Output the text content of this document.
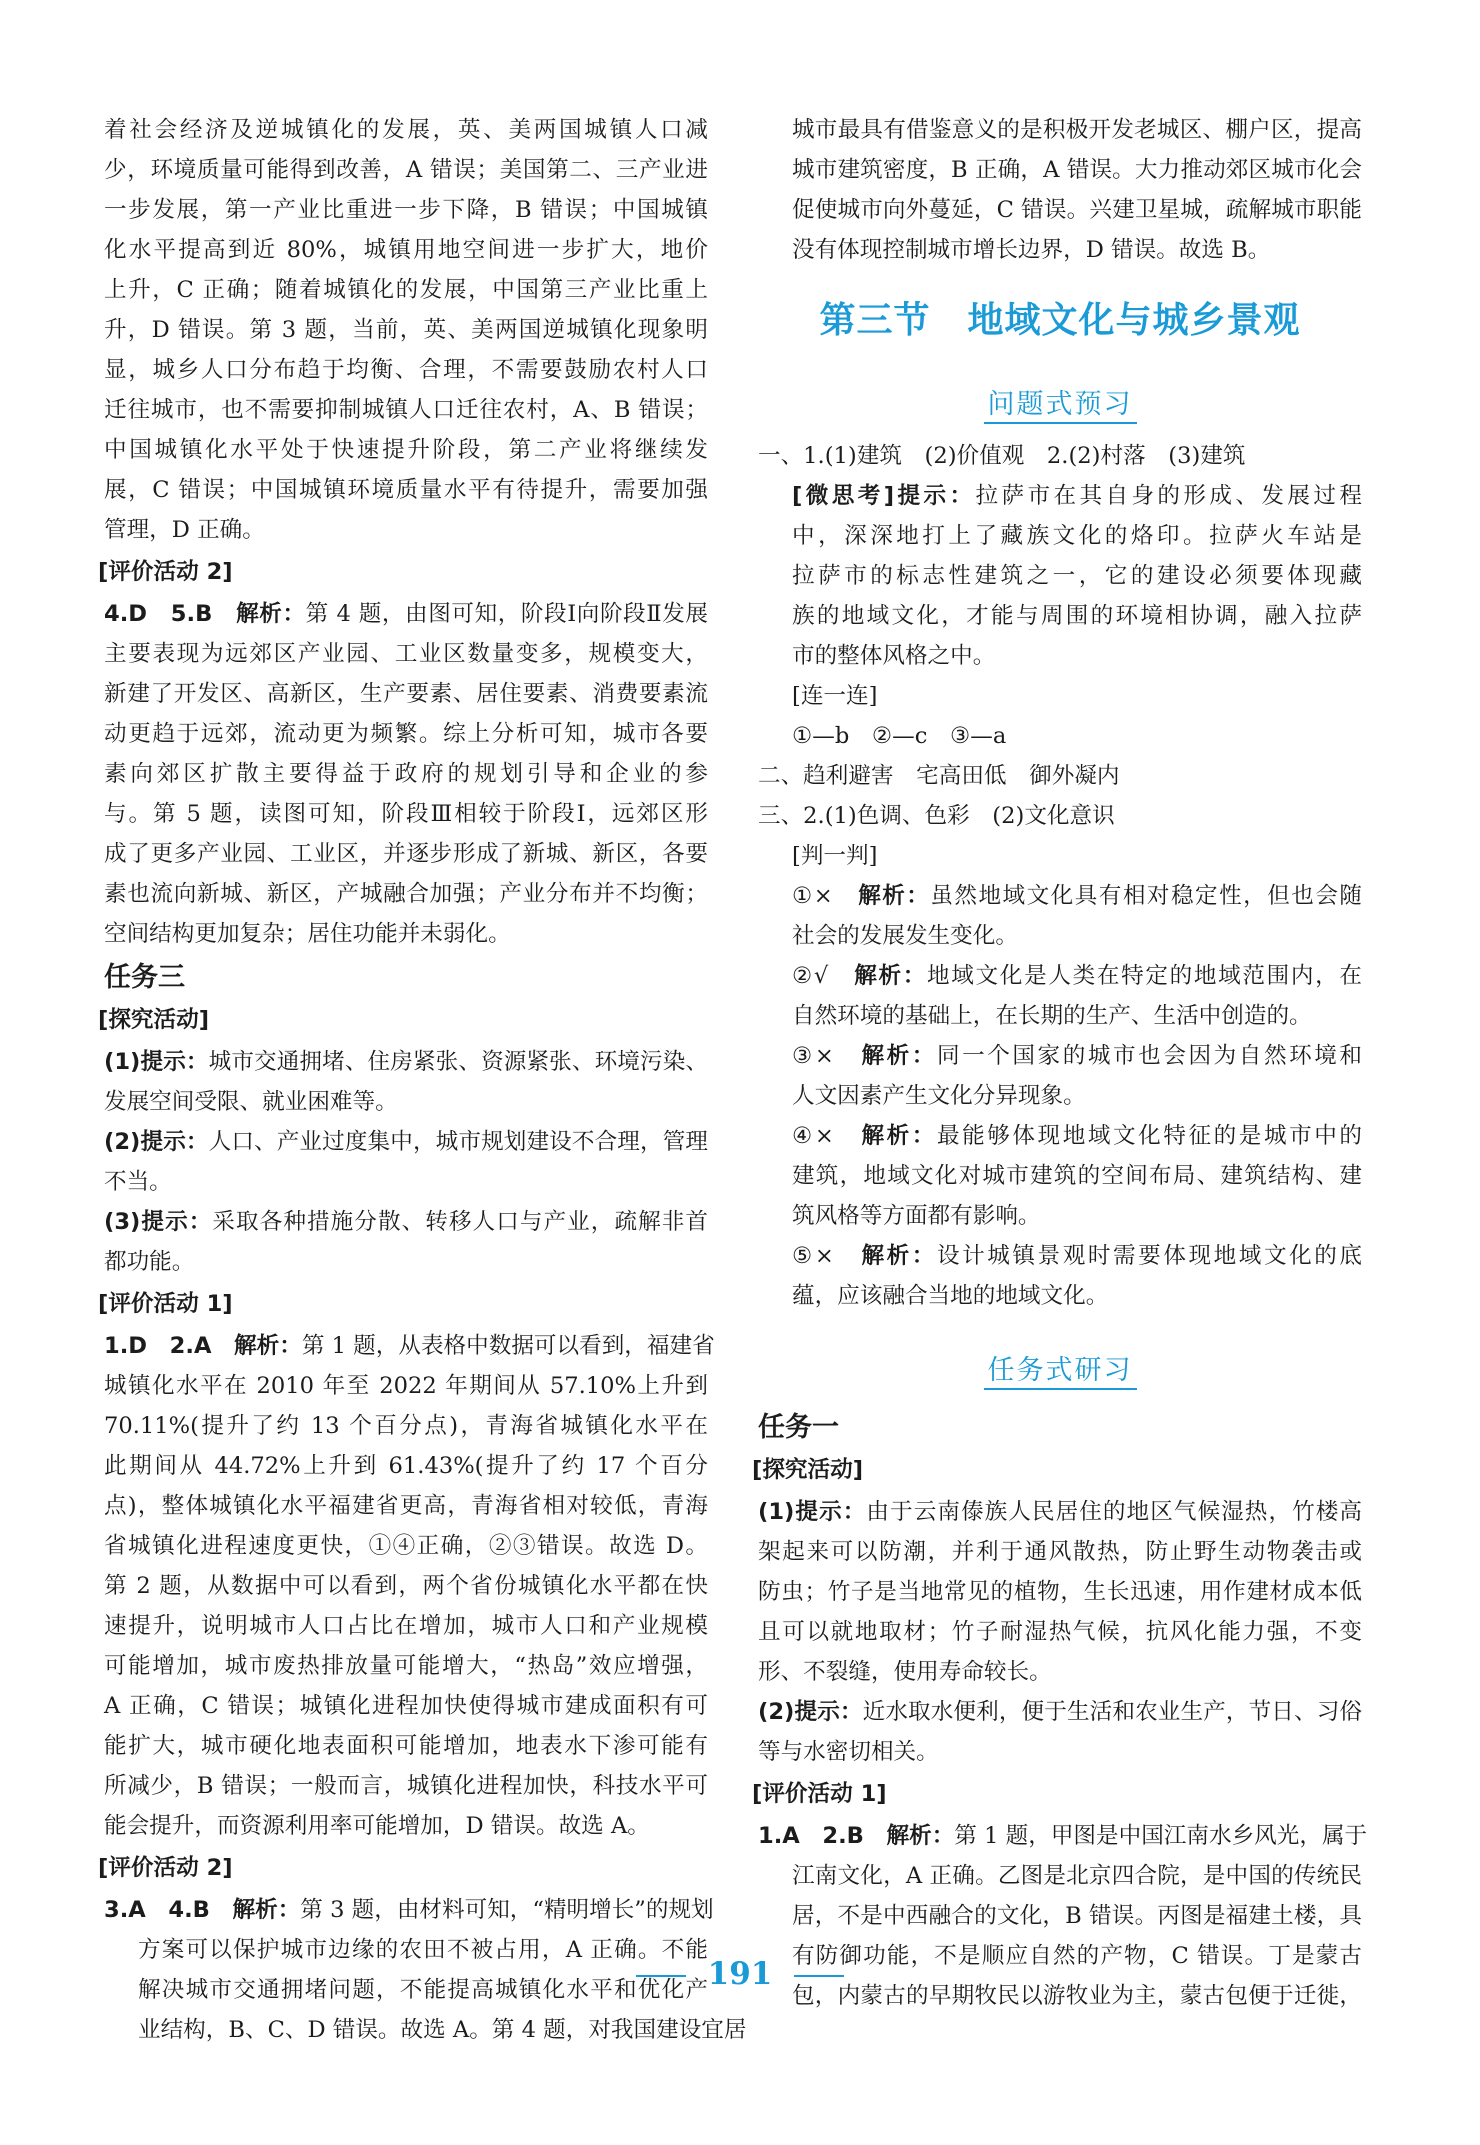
着社会经济及逆城镇化的发展，英、美两国城镇人口减
少，环境质量可能得到改善，A 错误；美国第二、三产业进
一步发展，第一产业比重进一步下降，B 错误；中国城镇
化水平提高到近 80%，城镇用地空间进一步扩大，地价
上升，C 正确；随着城镇化的发展，中国第三产业比重上
升，D 错误。第 3 题，当前，英、美两国逆城镇化现象明
显，城乡人口分布趋于均衡、合理，不需要鼓励农村人口
迁往城市，也不需要抑制城镇人口迁往农村，A、B 错误；
中国城镇化水平处于快速提升阶段，第二产业将继续发
展，C 错误；中国城镇环境质量水平有待提升，需要加强
管理，D 正确。
[评价活动 2]
4.D　5.B　解析：第 4 题，由图可知，阶段Ⅰ向阶段Ⅱ发展
主要表现为远郊区产业园、工业区数量变多，规模变大，
新建了开发区、高新区，生产要素、居住要素、消费要素流
动更趋于远郊，流动更为频繁。综上分析可知，城市各要
素向郊区扩散主要得益于政府的规划引导和企业的参
与。第 5 题，读图可知，阶段Ⅲ相较于阶段Ⅰ，远郊区形
成了更多产业园、工业区，并逐步形成了新城、新区，各要
素也流向新城、新区，产城融合加强；产业分布并不均衡；
空间结构更加复杂；居住功能并未弱化。
任务三
[探究活动]
(1)提示：城市交通拥堵、住房紧张、资源紧张、环境污染、
发展空间受限、就业困难等。
(2)提示：人口、产业过度集中，城市规划建设不合理，管理
不当。
(3)提示：采取各种措施分散、转移人口与产业，疏解非首
都功能。
[评价活动 1]
1.D　2.A　解析：第 1 题，从表格中数据可以看到，福建省
城镇化水平在 2010 年至 2022 年期间从 57.10%上升到
70.11%(提升了约 13 个百分点)，青海省城镇化水平在
此期间从 44.72%上升到 61.43%(提升了约 17 个百分
点)，整体城镇化水平福建省更高，青海省相对较低，青海
省城镇化进程速度更快，①④正确，②③错误。故选 D。
第 2 题，从数据中可以看到，两个省份城镇化水平都在快
速提升，说明城市人口占比在增加，城市人口和产业规模
可能增加，城市废热排放量可能增大，“热岛”效应增强，
A 正确，C 错误；城镇化进程加快使得城市建成面积有可
能扩大，城市硬化地表面积可能增加，地表水下渗可能有
所减少，B 错误；一般而言，城镇化进程加快，科技水平可
能会提升，而资源利用率可能增加，D 错误。故选 A。
[评价活动 2]
3.A　4.B　解析：第 3 题，由材料可知，“精明增长”的规划
方案可以保护城市边缘的农田不被占用，A 正确。不能
解决城市交通拥堵问题，不能提高城镇化水平和优化产
业结构，B、C、D 错误。故选 A。第 4 题，对我国建设宜居
城市最具有借鉴意义的是积极开发老城区、棚户区，提高
城市建筑密度，B 正确，A 错误。大力推动郊区城市化会
促使城市向外蔓延，C 错误。兴建卫星城，疏解城市职能
没有体现控制城市增长边界，D 错误。故选 B。
第三节　地域文化与城乡景观
问题式预习
一、1.(1)建筑　(2)价值观　2.(2)村落　(3)建筑
[微思考]提示：拉萨市在其自身的形成、发展过程
中，深深地打上了藏族文化的烙印。拉萨火车站是
拉萨市的标志性建筑之一，它的建设必须要体现藏
族的地域文化，才能与周围的环境相协调，融入拉萨
市的整体风格之中。
[连一连]
①—b　②—c　③—a
二、趋利避害　宅高田低　御外凝内
三、2.(1)色调、色彩　(2)文化意识
[判一判]
①×　解析：虽然地域文化具有相对稳定性，但也会随
社会的发展发生变化。
②√　解析：地域文化是人类在特定的地域范围内，在
自然环境的基础上，在长期的生产、生活中创造的。
③×　解析：同一个国家的城市也会因为自然环境和
人文因素产生文化分异现象。
④×　解析：最能够体现地域文化特征的是城市中的
建筑，地域文化对城市建筑的空间布局、建筑结构、建
筑风格等方面都有影响。
⑤×　解析：设计城镇景观时需要体现地域文化的底
蕴，应该融合当地的地域文化。
任务式研习
任务一
[探究活动]
(1)提示：由于云南傣族人民居住的地区气候湿热，竹楼高
架起来可以防潮，并利于通风散热，防止野生动物袭击或
防虫；竹子是当地常见的植物，生长迅速，用作建材成本低
且可以就地取材；竹子耐湿热气候，抗风化能力强，不变
形、不裂缝，使用寿命较长。
(2)提示：近水取水便利，便于生活和农业生产，节日、习俗
等与水密切相关。
[评价活动 1]
1.A　2.B　解析：第 1 题，甲图是中国江南水乡风光，属于
江南文化，A 正确。乙图是北京四合院，是中国的传统民
居，不是中西融合的文化，B 错误。丙图是福建土楼，具
有防御功能，不是顺应自然的产物，C 错误。丁是蒙古
包，内蒙古的早期牧民以游牧业为主，蒙古包便于迁徙，
191
